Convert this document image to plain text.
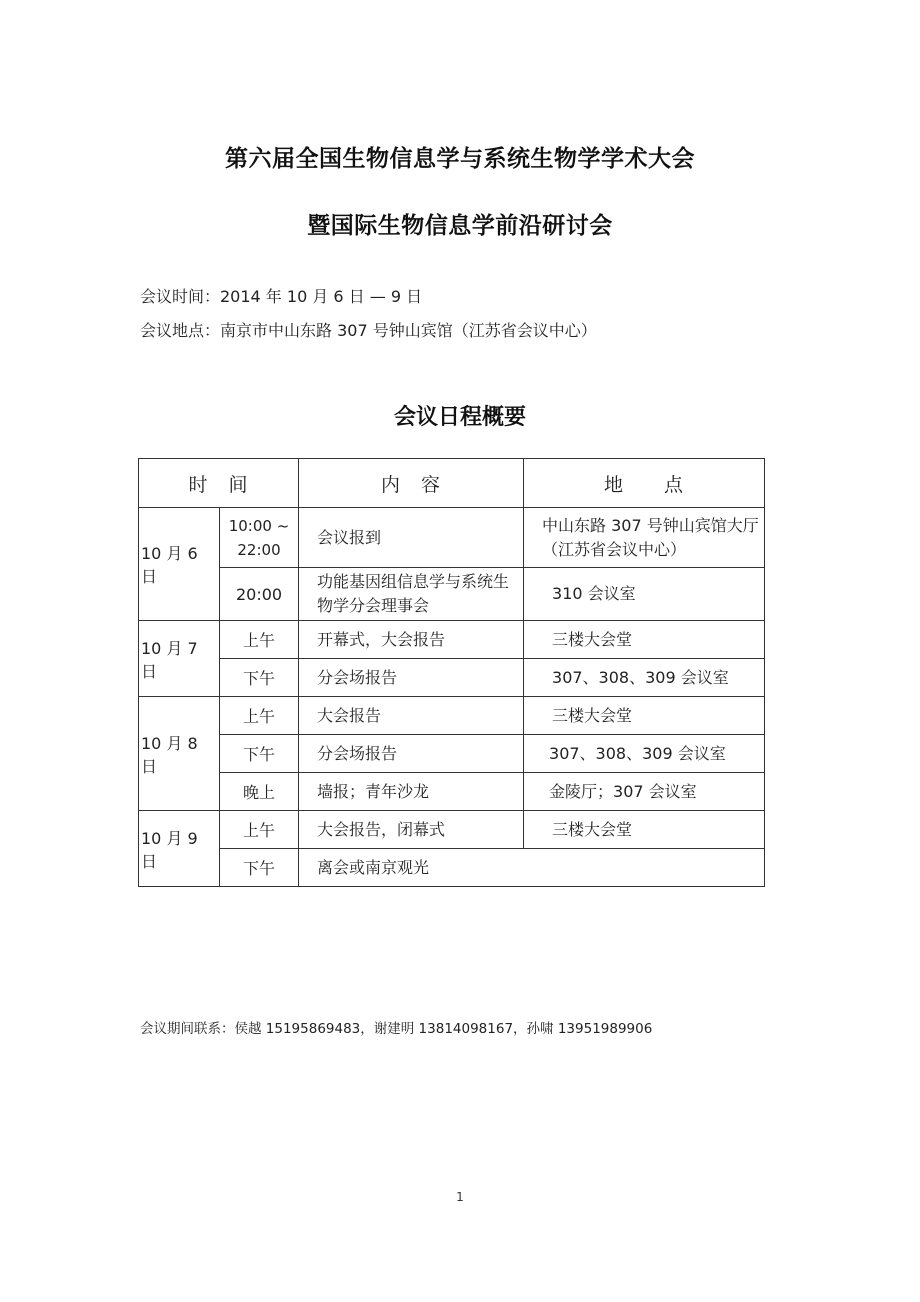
第六届全国生物信息学与系统生物学学术大会
暨国际生物信息学前沿研讨会
会议时间：2014 年 10 月 6 日 — 9 日
会议地点：南京市中山东路 307 号钟山宾馆（江苏省会议中心）
会议日程概要
时　间		内　容	地　　点
10 月 6 日	10:00 ~ 22:00	会议报到	中山东路 307 号钟山宾馆大厅（江苏省会议中心）
	20:00	功能基因组信息学与系统生物学分会理事会	310 会议室
10 月 7 日	上午	开幕式，大会报告	三楼大会堂
	下午	分会场报告	307、308、309 会议室
10 月 8 日	上午	大会报告	三楼大会堂
	下午	分会场报告	307、308、309 会议室
	晚上	墙报；青年沙龙	金陵厅；307 会议室
10 月 9 日	上午	大会报告，闭幕式	三楼大会堂
	下午	离会或南京观光	
会议期间联系：侯越 15195869483，谢建明 13814098167，孙啸 13951989906
1
